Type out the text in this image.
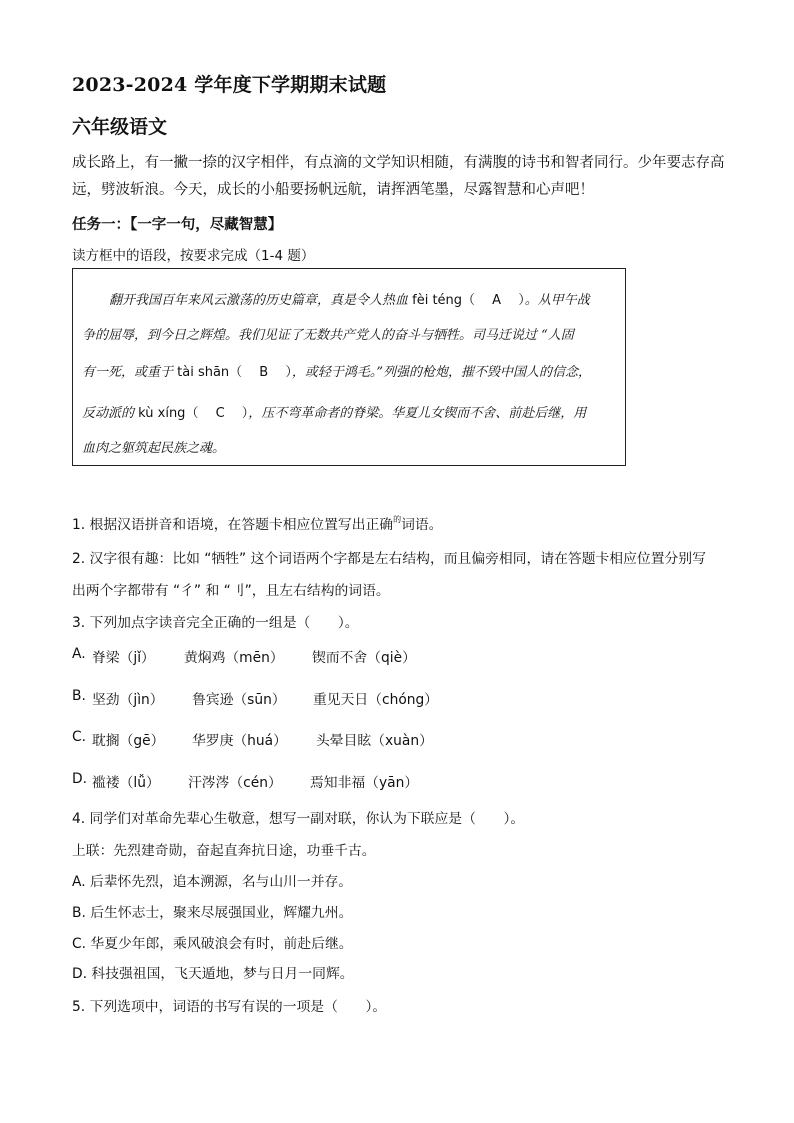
2023-2024 学年度下学期期末试题
六年级语文
成长路上，有一撇一捺的汉字相伴，有点滴的文学知识相随，有满腹的诗书和智者同行。少年要志存高远，劈波斩浪。今天，成长的小船要扬帆远航，请挥洒笔墨，尽露智慧和心声吧！
任务一：【一字一句，尽藏智慧】
读方框中的语段，按要求完成（1-4 题）
翻开我国百年来风云激荡的历史篇章，真是令人热血 fèi téng（　 A　 ）。从甲午战
争的屈辱，到今日之辉煌。我们见证了无数共产党人的奋斗与牺牲。司马迁说过 “人固
有一死，或重于 tài shān（　 B　 ），或轻于鸿毛。”列强的枪炮，摧不毁中国人的信念，
反动派的 kù xíng（　 C　 ），压不弯革命者的脊梁。华夏儿女锲而不舍、前赴后继，用
血肉之躯筑起民族之魂。
1. 根据汉语拼音和语境，在答题卡相应位置写出正确$^的$词语。
2. 汉字很有趣：比如 “牺牲” 这个词语两个字都是左右结构，而且偏旁相同，请在答题卡相应位置分别写
出两个字都带有 “彳” 和 “刂”，且左右结构的词语。
3. 下列加点字读音完全正确的一组是（　　）。
A. 脊梁（jǐ） 黄焖鸡（mēn） 锲而不舍（qiè）
B. 坚劲（jìn） 鲁宾逊（sūn） 重见天日（chóng）
C. 耽搁（gē） 华罗庚（huá） 头晕目眩（xuàn）
D. 褴褛（lǚ） 汗涔涔（cén） 焉知非福（yān）
4. 同学们对革命先辈心生敬意，想写一副对联，你认为下联应是（　　）。
上联：先烈建奇勋，奋起直奔抗日途，功垂千古。
A. 后辈怀先烈，追本溯源，名与山川一并存。
B. 后生怀志士，聚来尽展强国业，辉耀九州。
C. 华夏少年郎，乘风破浪会有时，前赴后继。
D. 科技强祖国，飞天遁地，梦与日月一同辉。
5. 下列选项中，词语的书写有误的一项是（　　）。
